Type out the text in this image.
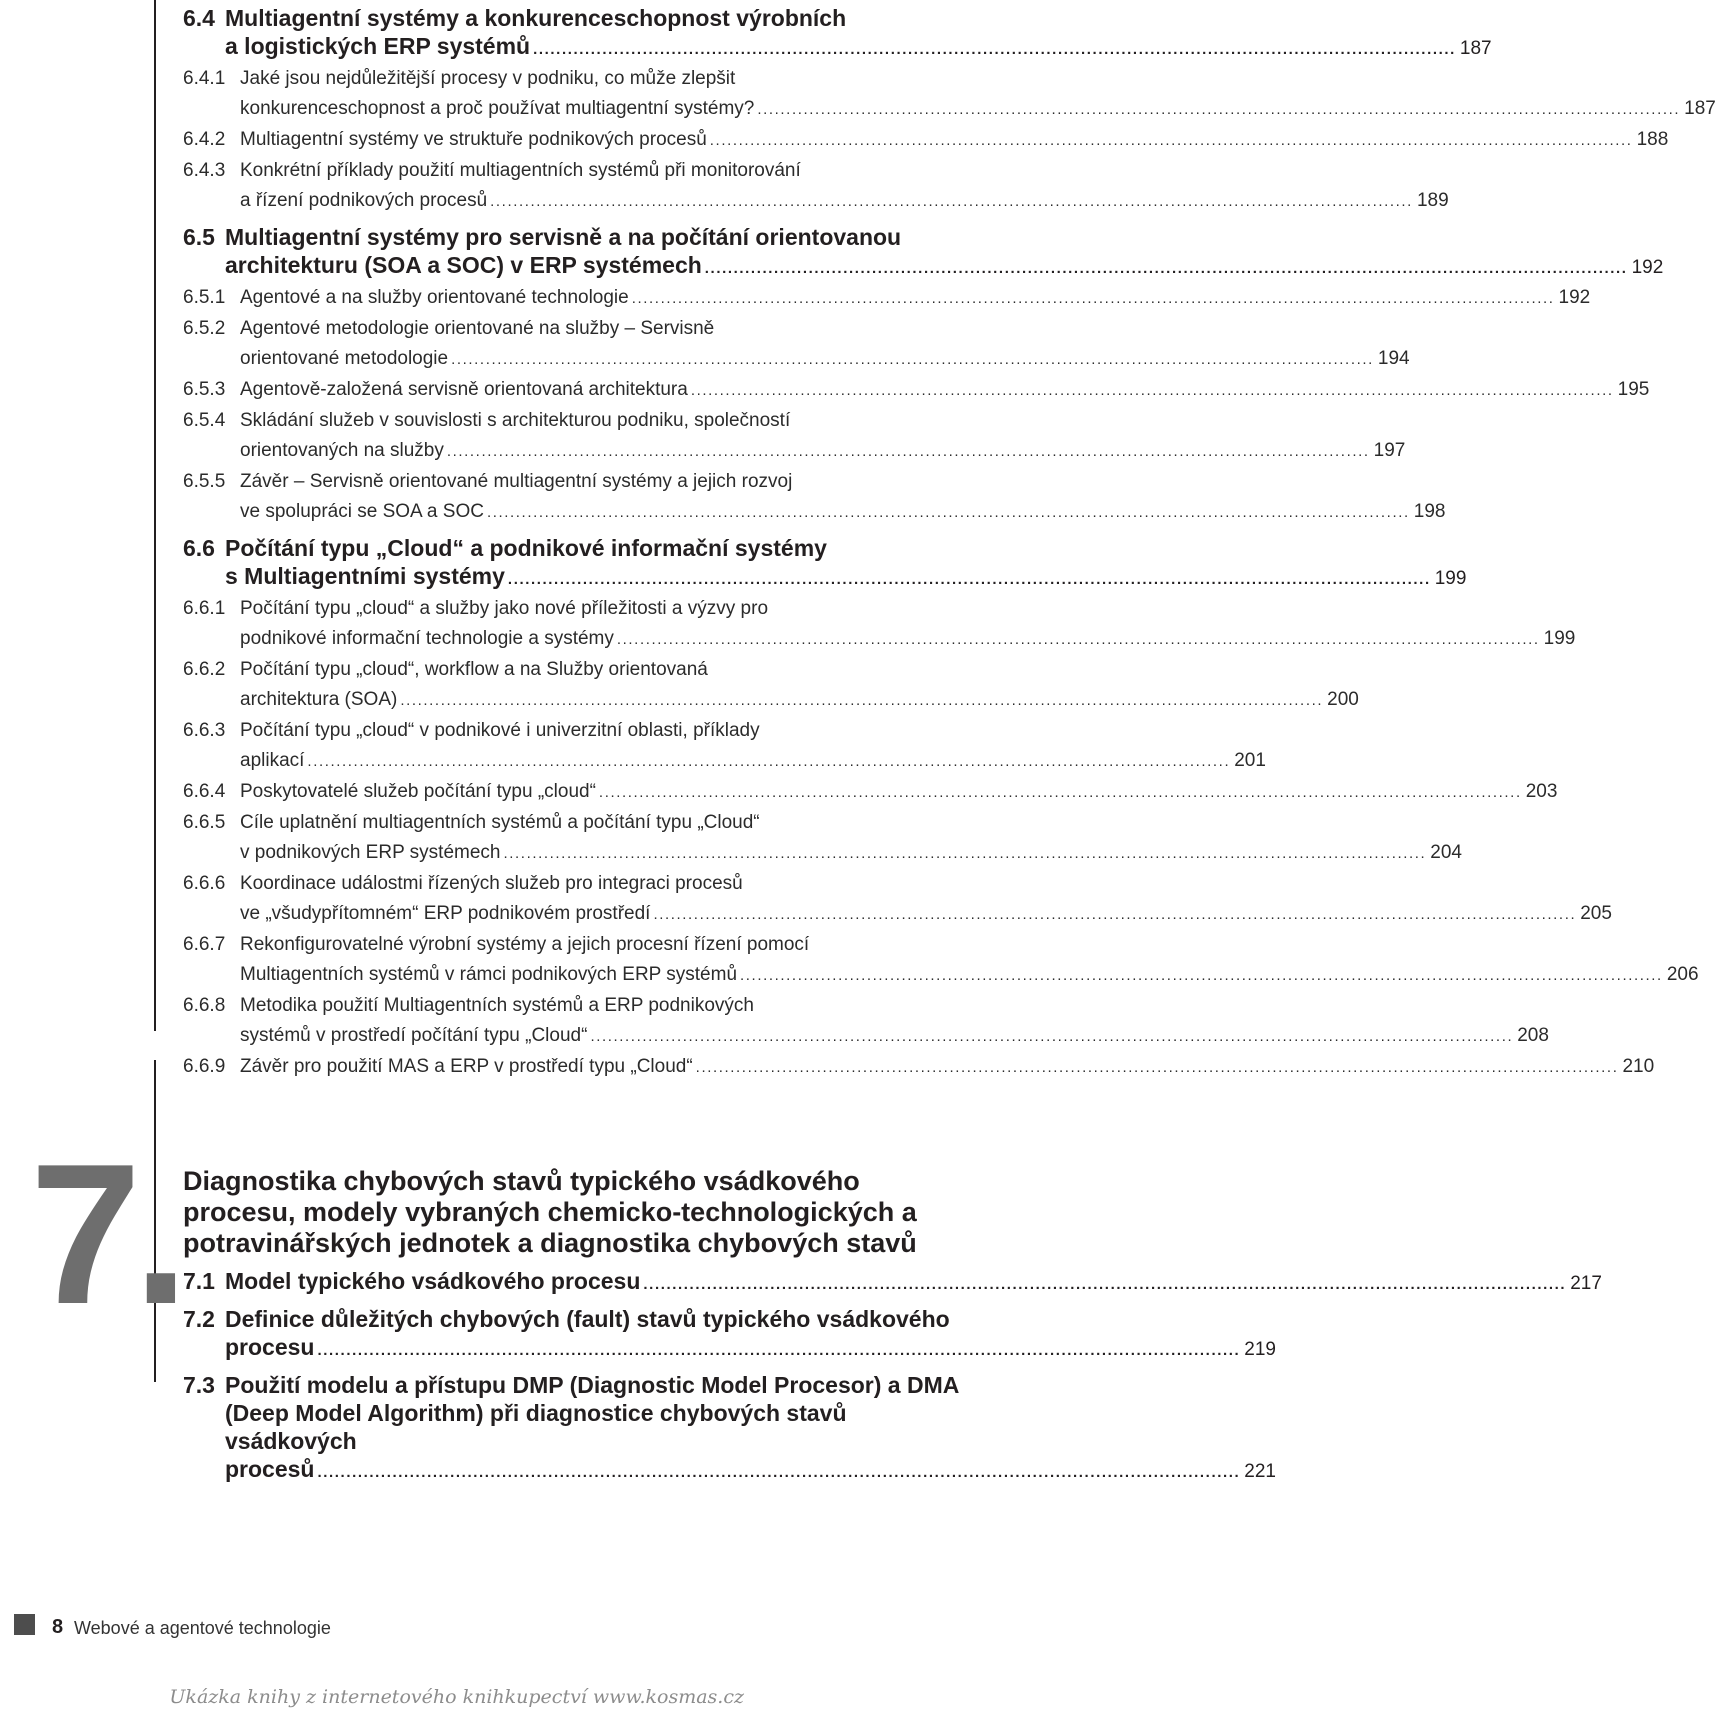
6.4 Multiagentní systémy a konkurenceschopnost výrobních
a logistických ERP systémů ................................................................................................................................................................ 187
6.4.1 Jaké jsou nejdůležitější procesy v podniku, co může zlepšit
konkurenceschopnost a proč používat multiagentní systémy? ................................................................................................................................................................ 187
6.4.2 Multiagentní systémy ve struktuře podnikových procesů ................................................................................................................................................................ 188
6.4.3 Konkrétní příklady použití multiagentních systémů při monitorování
a řízení podnikových procesů ................................................................................................................................................................ 189
6.5 Multiagentní systémy pro servisně a na počítání orientovanou
architekturu (SOA a SOC) v ERP systémech ................................................................................................................................................................ 192
6.5.1 Agentové a na služby orientované technologie ................................................................................................................................................................ 192
6.5.2 Agentové metodologie orientované na služby – Servisně
orientované metodologie ................................................................................................................................................................ 194
6.5.3 Agentově-založená servisně orientovaná architektura ................................................................................................................................................................ 195
6.5.4 Skládání služeb v souvislosti s architekturou podniku, společností
orientovaných na služby ................................................................................................................................................................ 197
6.5.5 Závěr – Servisně orientované multiagentní systémy a jejich rozvoj
ve spolupráci se SOA a SOC ................................................................................................................................................................ 198
6.6 Počítání typu „Cloud“ a podnikové informační systémy
s Multiagentními systémy ................................................................................................................................................................ 199
6.6.1 Počítání typu „cloud“ a služby jako nové příležitosti a výzvy pro
podnikové informační technologie a systémy ................................................................................................................................................................ 199
6.6.2 Počítání typu „cloud“, workflow a na Služby orientovaná
architektura (SOA) ................................................................................................................................................................ 200
6.6.3 Počítání typu „cloud“ v podnikové i univerzitní oblasti, příklady
aplikací ................................................................................................................................................................ 201
6.6.4 Poskytovatelé služeb počítání typu „cloud“ ................................................................................................................................................................ 203
6.6.5 Cíle uplatnění multiagentních systémů a počítání typu „Cloud“
v podnikových ERP systémech ................................................................................................................................................................ 204
6.6.6 Koordinace událostmi řízených služeb pro integraci procesů
ve „všudypřítomném“ ERP podnikovém prostředí ................................................................................................................................................................ 205
6.6.7 Rekonfigurovatelné výrobní systémy a jejich procesní řízení pomocí
Multiagentních systémů v rámci podnikových ERP systémů ................................................................................................................................................................ 206
6.6.8 Metodika použití Multiagentních systémů a ERP podnikových
systémů v prostředí počítání typu „Cloud“ ................................................................................................................................................................ 208
6.6.9 Závěr pro použití MAS a ERP v prostředí typu „Cloud“ ................................................................................................................................................................ 210
7. Diagnostika chybových stavů typického vsádkového procesu, modely vybraných chemicko-technologických a potravinářských jednotek a diagnostika chybových stavů
7.1 Model typického vsádkového procesu ................................................................................................................................................................ 217
7.2 Definice důležitých chybových (fault) stavů typického vsádkového
procesu ................................................................................................................................................................ 219
7.3 Použití modelu a přístupu DMP (Diagnostic Model Procesor) a DMA
(Deep Model Algorithm) při diagnostice chybových stavů vsádkových
procesů ................................................................................................................................................................ 221
8 Webové a agentové technologie
Ukázka knihy z internetového knihkupectví www.kosmas.cz
